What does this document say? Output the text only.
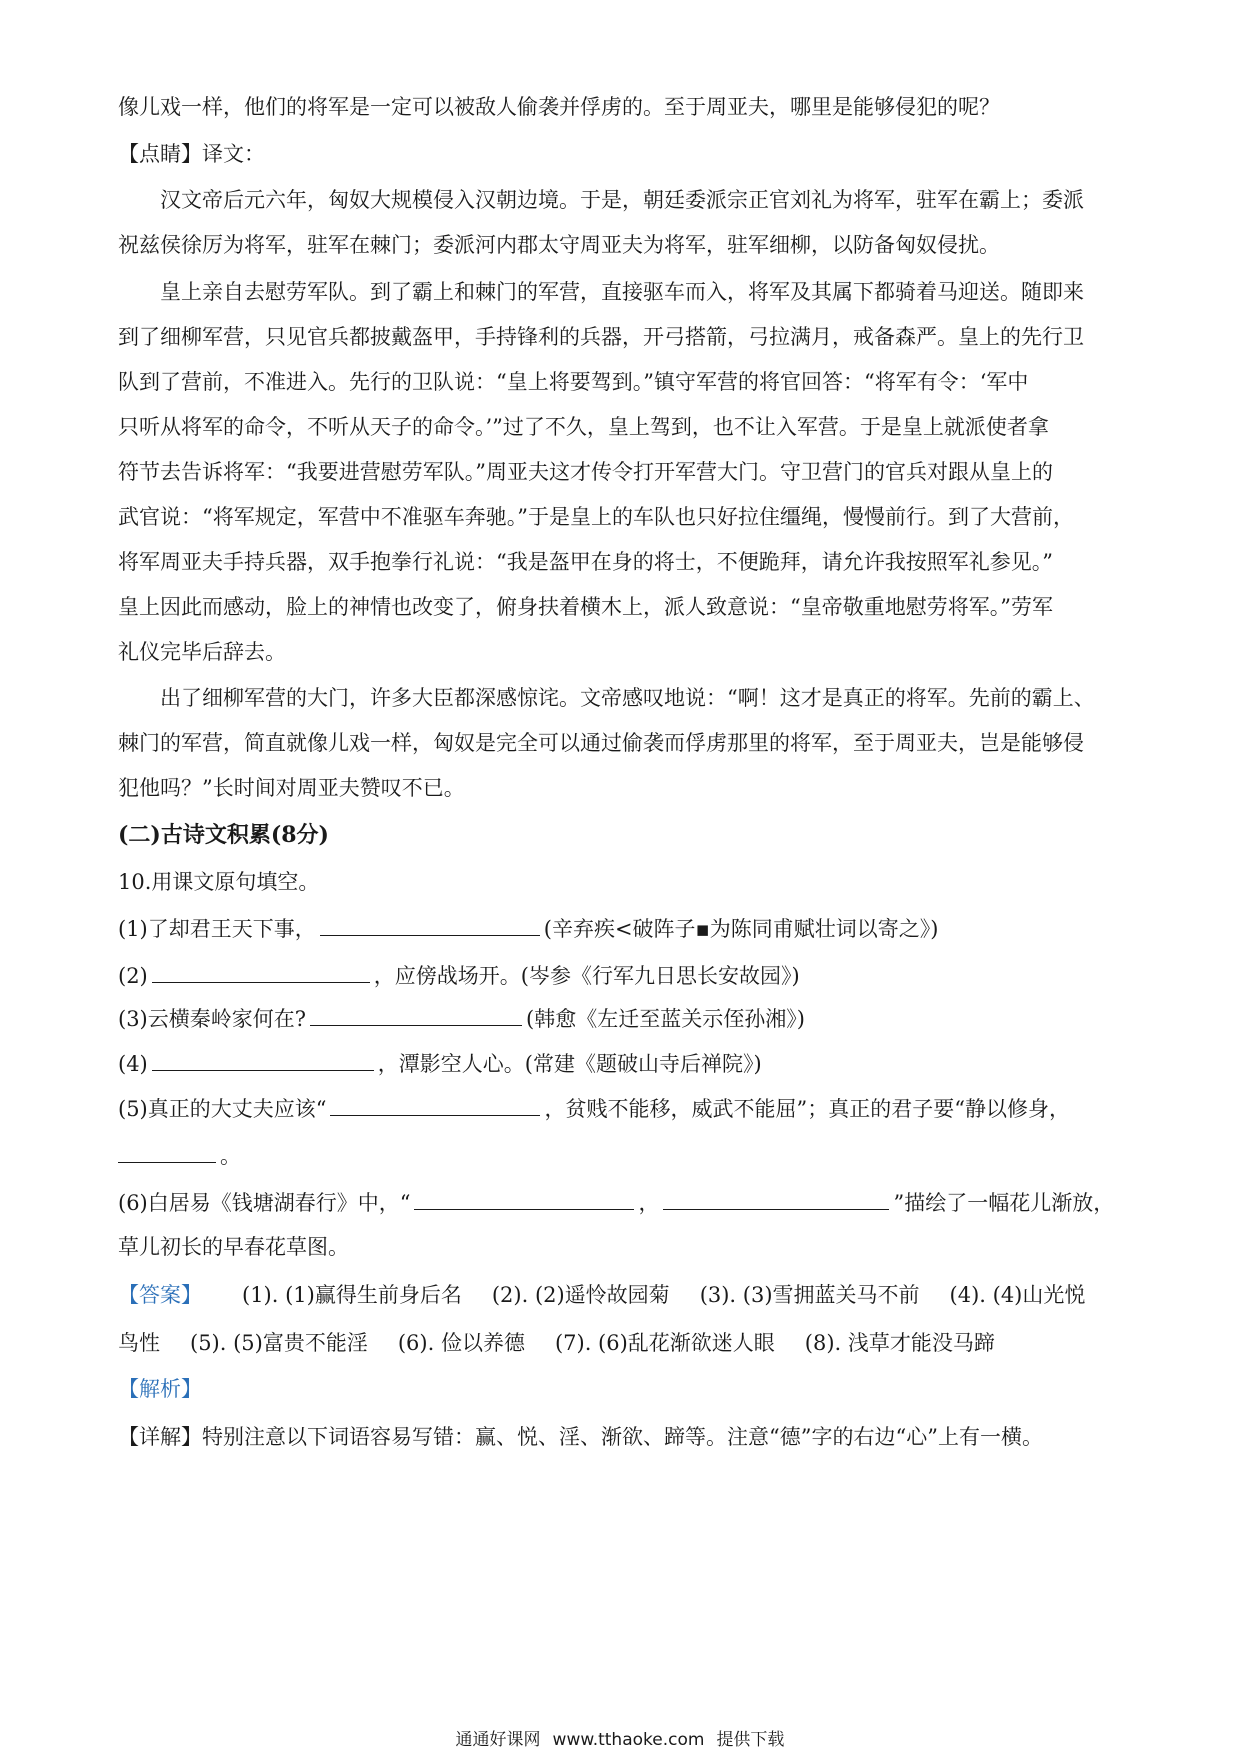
像儿戏一样，他们的将军是一定可以被敌人偷袭并俘虏的。至于周亚夫，哪里是能够侵犯的呢？
【点睛】译文：
汉文帝后元六年，匈奴大规模侵入汉朝边境。于是，朝廷委派宗正官刘礼为将军，驻军在霸上；委派
祝兹侯徐厉为将军，驻军在棘门；委派河内郡太守周亚夫为将军，驻军细柳，以防备匈奴侵扰。
皇上亲自去慰劳军队。到了霸上和棘门的军营，直接驱车而入，将军及其属下都骑着马迎送。随即来
到了细柳军营，只见官兵都披戴盔甲，手持锋利的兵器，开弓搭箭，弓拉满月，戒备森严。皇上的先行卫
队到了营前，不准进入。先行的卫队说：“皇上将要驾到。”镇守军营的将官回答：“将军有令：‘军中
只听从将军的命令，不听从天子的命令。’”过了不久，皇上驾到，也不让入军营。于是皇上就派使者拿
符节去告诉将军：“我要进营慰劳军队。”周亚夫这才传令打开军营大门。守卫营门的官兵对跟从皇上的
武官说：“将军规定，军营中不准驱车奔驰。”于是皇上的车队也只好拉住缰绳，慢慢前行。到了大营前，
将军周亚夫手持兵器，双手抱拳行礼说：“我是盔甲在身的将士，不便跪拜，请允许我按照军礼参见。”
皇上因此而感动，脸上的神情也改变了，俯身扶着横木上，派人致意说：“皇帝敬重地慰劳将军。”劳军
礼仪完毕后辞去。
出了细柳军营的大门，许多大臣都深感惊诧。文帝感叹地说：“啊！这才是真正的将军。先前的霸上、
棘门的军营，简直就像儿戏一样，匈奴是完全可以通过偷袭而俘虏那里的将军，至于周亚夫，岂是能够侵
犯他吗？”长时间对周亚夫赞叹不已。
(二)古诗文积累(8分)
10.用课文原句填空。
(1)了却君王天下事，	(辛弃疾<破阵子▪为陈同甫赋壮词以寄之》)
(2)	，应傍战场开。(岑参《行军九日思长安故园》)
(3)云横秦岭家何在?	(韩愈《左迁至蓝关示侄孙湘》)
(4)	，潭影空人心。(常建《题破山寺后禅院》)
(5)真正的大丈夫应该“	，贫贱不能移，威武不能屈”；真正的君子要“静以修身，
。
(6)白居易《钱塘湖春行》中，“	，	”描绘了一幅花儿渐放，
草儿初长的早春花草图。
【答案】 (1). (1)赢得生前身后名 (2). (2)遥怜故园菊 (3). (3)雪拥蓝关马不前 (4). (4)山光悦
鸟性 (5). (5)富贵不能淫 (6). 俭以养德 (7). (6)乱花渐欲迷人眼 (8). 浅草才能没马蹄
【解析】
【详解】特别注意以下词语容易写错：赢、悦、淫、渐欲、蹄等。注意“德”字的右边“心”上有一横。
通通好课网 www.tthaoke.com 提供下载
